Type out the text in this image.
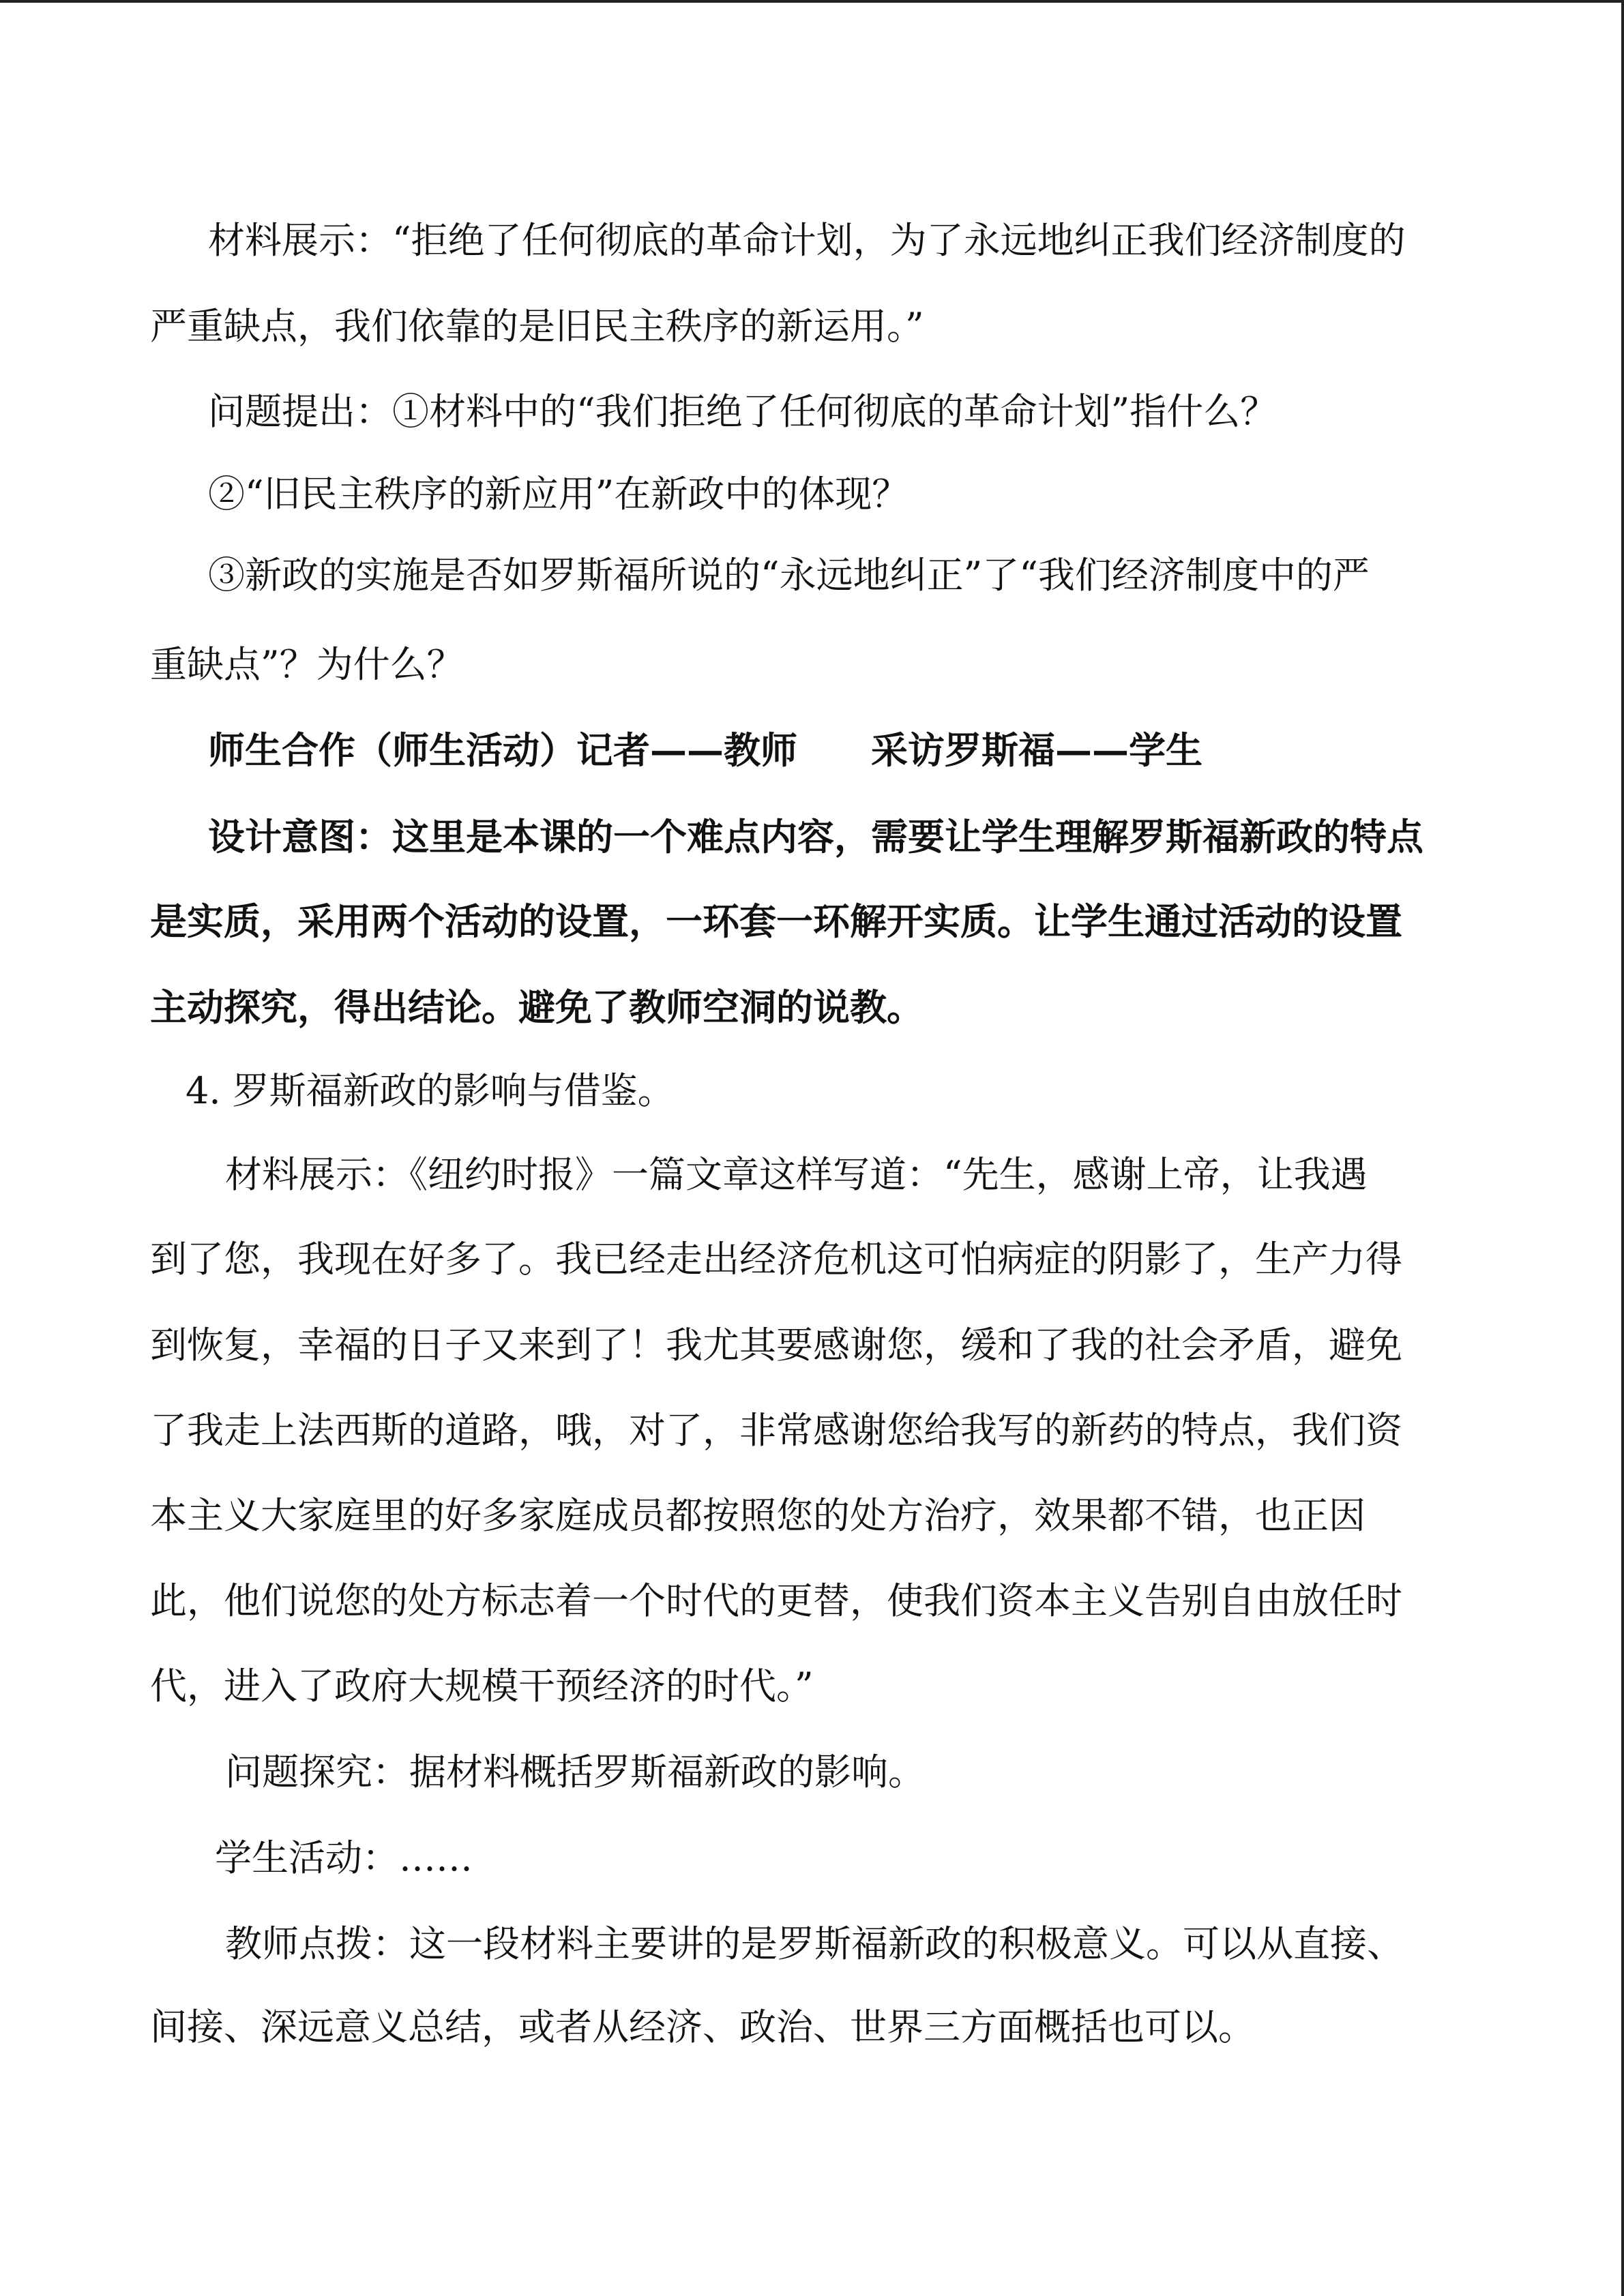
材料展示：“拒绝了任何彻底的革命计划，为了永远地纠正我们经济制度的

严重缺点，我们依靠的是旧民主秩序的新运用。”

问题提出：①材料中的“我们拒绝了任何彻底的革命计划”指什么？

②“旧民主秩序的新应用”在新政中的体现？

③新政的实施是否如罗斯福所说的“永远地纠正”了“我们经济制度中的严

重缺点”？为什么？

师生合作（师生活动）记者——教师　　采访罗斯福——学生

设计意图：这里是本课的一个难点内容，需要让学生理解罗斯福新政的特点

是实质，采用两个活动的设置，一环套一环解开实质。让学生通过活动的设置

主动探究，得出结论。避免了教师空洞的说教。

4. 罗斯福新政的影响与借鉴。

材料展示：《纽约时报》一篇文章这样写道：“先生，感谢上帝，让我遇

到了您，我现在好多了。我已经走出经济危机这可怕病症的阴影了，生产力得

到恢复，幸福的日子又来到了！我尤其要感谢您，缓和了我的社会矛盾，避免

了我走上法西斯的道路，哦，对了，非常感谢您给我写的新药的特点，我们资

本主义大家庭里的好多家庭成员都按照您的处方治疗，效果都不错，也正因

此，他们说您的处方标志着一个时代的更替，使我们资本主义告别自由放任时

代，进入了政府大规模干预经济的时代。”

问题探究：据材料概括罗斯福新政的影响。

学生活动：……

教师点拨：这一段材料主要讲的是罗斯福新政的积极意义。可以从直接、

间接、深远意义总结，或者从经济、政治、世界三方面概括也可以。
